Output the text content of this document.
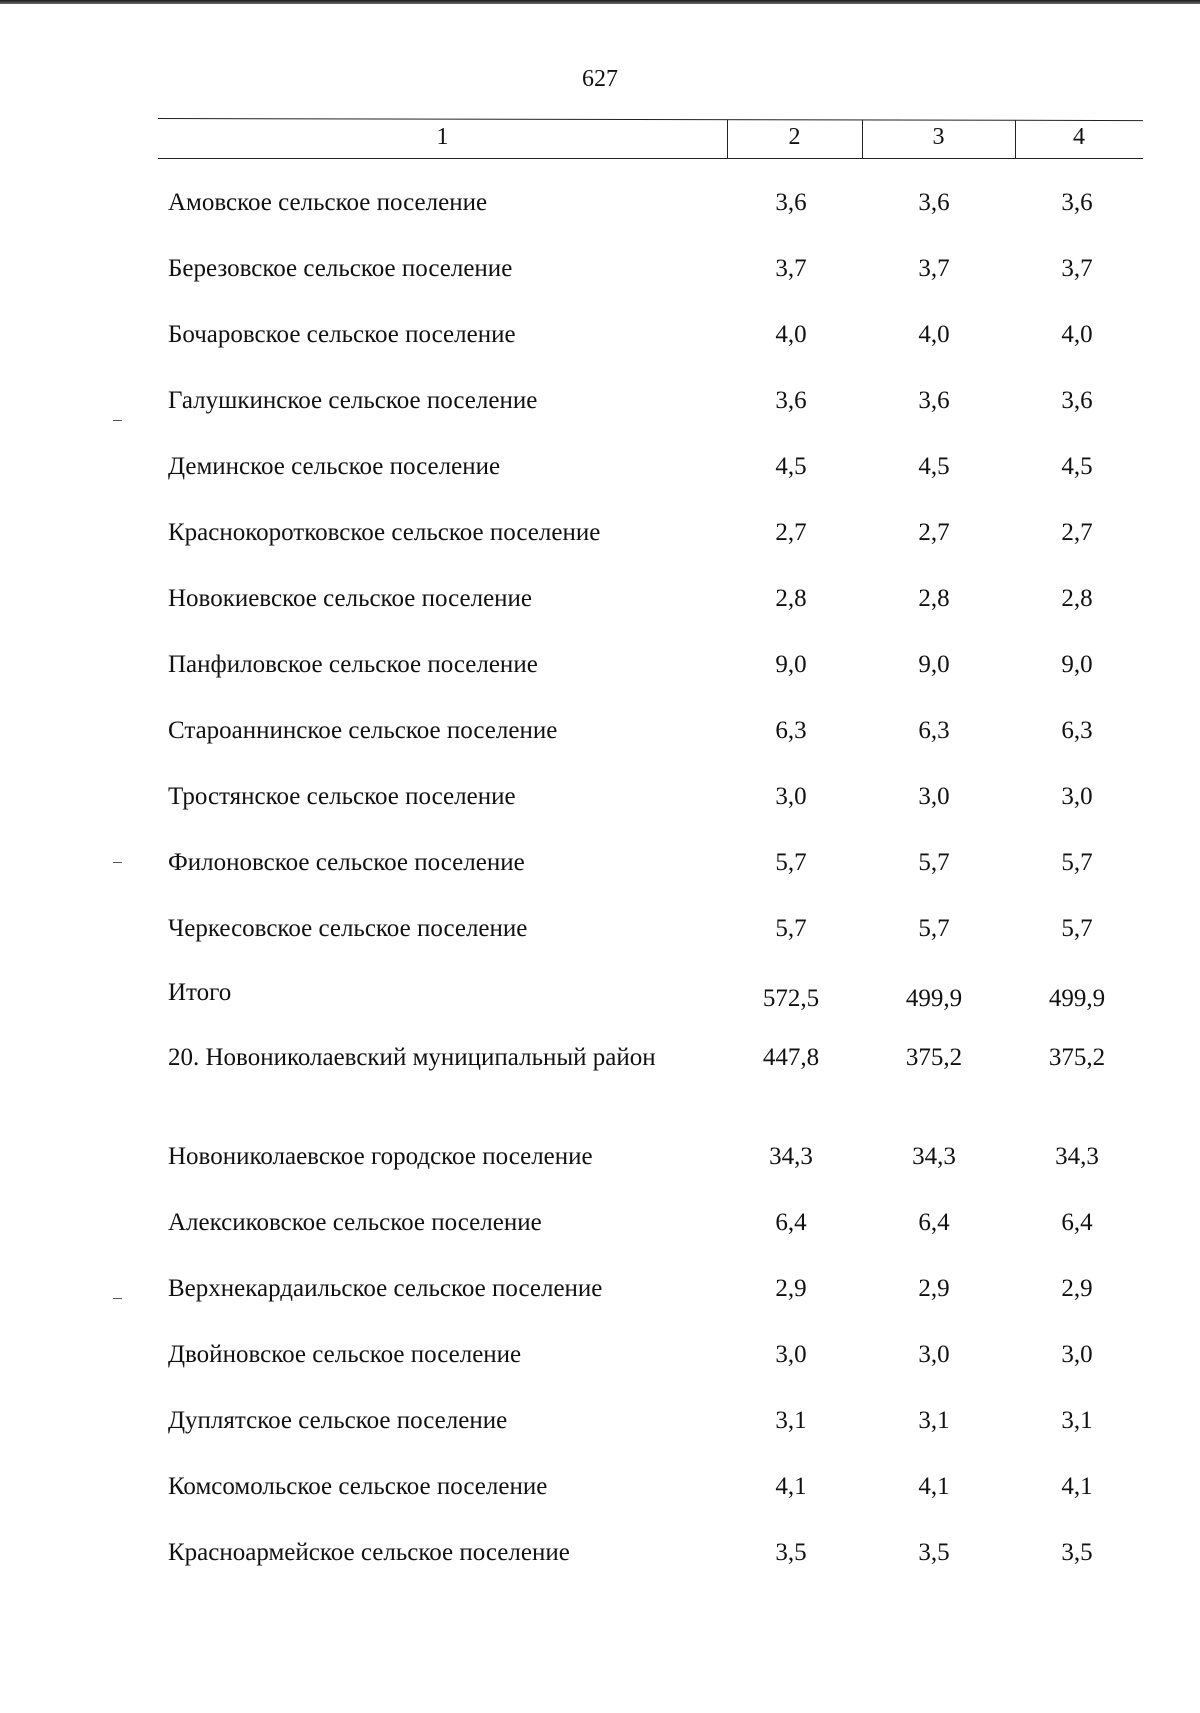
627
1	2	3	4
Амовское сельское поселение	3,6	3,6	3,6
Березовское сельское поселение	3,7	3,7	3,7
Бочаровское сельское поселение	4,0	4,0	4,0
Галушкинское сельское поселение	3,6	3,6	3,6
Деминское сельское поселение	4,5	4,5	4,5
Краснокоротковское сельское поселение	2,7	2,7	2,7
Новокиевское сельское поселение	2,8	2,8	2,8
Панфиловское сельское поселение	9,0	9,0	9,0
Староаннинское сельское поселение	6,3	6,3	6,3
Тростянское сельское поселение	3,0	3,0	3,0
Филоновское сельское поселение	5,7	5,7	5,7
Черкесовское сельское поселение	5,7	5,7	5,7
Итого	572,5	499,9	499,9
20. Новониколаевский муниципальный район	447,8	375,2	375,2
Новониколаевское городское поселение	34,3	34,3	34,3
Алексиковское сельское поселение	6,4	6,4	6,4
Верхнекардаильское сельское поселение	2,9	2,9	2,9
Двойновское сельское поселение	3,0	3,0	3,0
Дуплятское сельское поселение	3,1	3,1	3,1
Комсомольское сельское поселение	4,1	4,1	4,1
Красноармейское сельское поселение	3,5	3,5	3,5
